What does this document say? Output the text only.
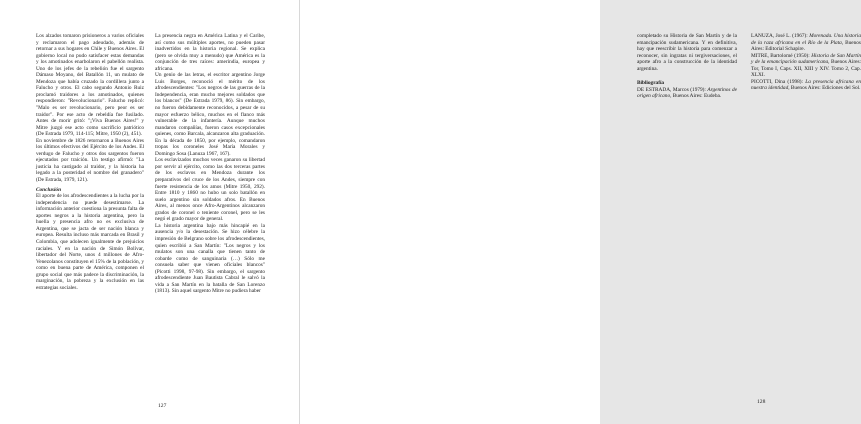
Los alzados tomaron prisioneros a varios oficiales y reclamaron el pago adeudado, además de retornar a sus hogares en Chile y Buenos Aires. El gobierno local no pudo satisfacer estas demandas y los amotinados enarbolaron el pabellón realista. Uno de los jefes de la rebelión fue el sargento Dámaso Moyano, del Batallón 11, un mulato de Mendoza que había cruzado la cordillera junto a Falucho y otros. El cabo segundo Antonio Ruiz proclamó traidores a los amotinados, quienes respondieron: "Revolucionario". Falucho replicó: "Malo es ser revolucionario, pero peor es ser traidor". Por ese acto de rebeldía fue fusilado. Antes de morir gritó: "¡Viva Buenos Aires!" y Mitre juzgó ese acto como sacrificio patriótico (De Estrada 1979, 114-115; Mitre, 1950 (2), 451).

En noviembre de 1826 retornaron a Buenos Aires los últimos efectivos del Ejército de los Andes. El verdugo de Falucho y otros dos sargentos fueron ejecutados por traición. Un testigo afirmó: "La justicia ha castigado al traidor, y la historia ha legado a la posteridad el nombre del granadero" (De Estrada, 1979, 121).

Conclusión

El aporte de los afrodescendientes a la lucha por la independencia no puede desestimarse. La información anterior cuestiona la presunta falta de aportes negros a la historia argentina, pero la huella y presencia afro no es exclusiva de Argentina, que se jacta de ser nación blanca y europea. Resulta incluso más marcada en Brasil y Colombia, que adolecen igualmente de prejuicios raciales. Y en la nación de Simón Bolívar, libertador del Norte, unos 4 millones de Afro-Venezolanos constituyen el 15% de la población, y como en buena parte de América, componen el grupo social que más padece la discriminación, la marginación, la pobreza y la exclusión en las estrategias sociales.

La presencia negra en América Latina y el Caribe, así como sus múltiples aportes, no pueden pasar inadvertidos en la historia regional. Se explica (pero se olvida muy a menudo) que América es la conjunción de tres raíces: amerindia, europea y africana.

Un genio de las letras, el escritor argentino Jorge Luis Borges, reconoció el mérito de los afrodescendientes: "Los negros de las guerras de la Independencia, eran mucho mejores soldados que los blancos" (De Estrada 1979, 86). Sin embargo, no fueron debidamente reconocidos, a pesar de su mayor esfuerzo bélico, muchos en el flanco más vulnerable de la infantería. Aunque muchos mandaron compañías, fueron casos excepcionales quienes, como Barcala, alcanzaron alta graduación. En la década de 1850, por ejemplo, comandaron tropas los coroneles José María Morales y Domingo Sosa (Lanuza 1967, 167).

Los esclavizados muchos veces ganaron su libertad por servir al ejército, como las dos terceras partes de los esclavos en Mendoza durante los preparativos del cruce de los Andes, siempre con fuerte resistencia de los amos (Mitre 1950, 292). Entre 1810 y 1860 no hubo un solo batallón en suelo argentino sin soldados afros. En Buenos Aires, al menos once Afro-Argentinos alcanzaron grados de coronel o teniente coronel, pero se les negó el grado mayor de general.

La historia argentina bajo más hincapié en la ausencia y/o la desestación. Se hizo célebre la impresión de Belgrano sobre los afrodescendientes, quien escribió a San Martín: "Los negros y los mulatos son una canalla que tienen tanto de cobarde como de sanguinaria (…) Sólo me consuela saber que vienen oficiales blancos" (Picotti 1998, 97-98). Sin embargo, el sargento afrodescendiente Juan Bautista Cabral le salvó la vida a San Martín en la batalla de San Lorenzo (1813). Sin aquel sargento Mitre no pudiera haber

127

completado su Historia de San Martín y de la emancipación sudamericana. Y en definitiva, hay que reescribir la historia para comenzar a reconocer, sin ingratas ni tergiversaciones, el aporte afro a la construcción de la identidad argentina.

Bibliografía

DE ESTRADA, Marcos (1979): Argentinos de origen africano, Buenos Aires: Eudeba.

LANUZA, José L. (1967): Morenada. Una historia de la raza africana en el Río de la Plata, Buenos Aires: Editorial Schapire.

MITRE, Bartolomé (1950): Historia de San Martín y de la emancipación sudamericana, Buenos Aires: Tor, Tomo I, Caps. XII, XIII y XIV. Tomo 2, Cap. XLXI.

PICOTTI, Dina (1998): La presencia africana en nuestra identidad, Buenos Aires: Ediciones del Sol.

128
